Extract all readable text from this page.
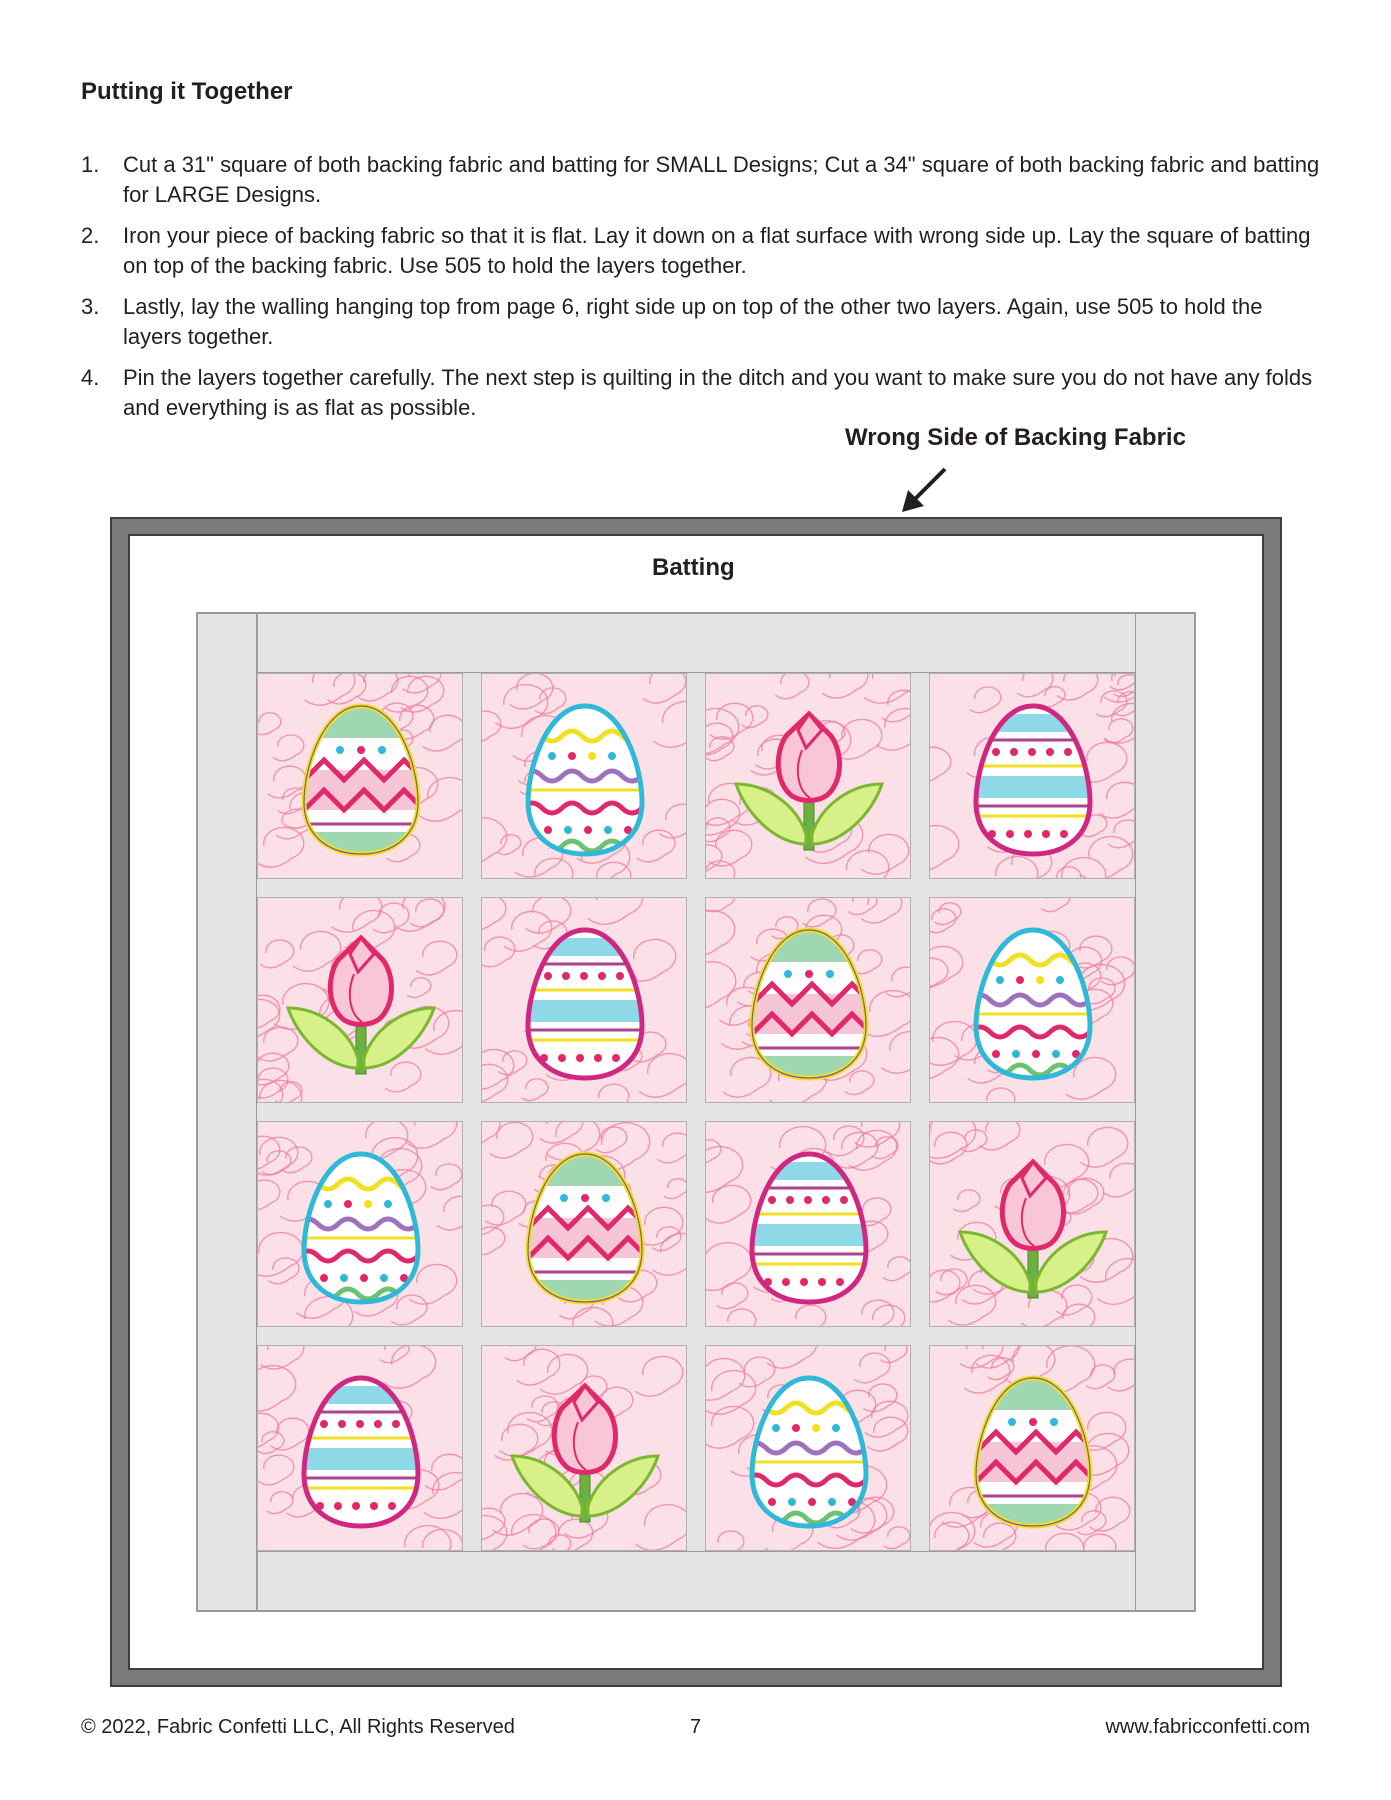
Putting it Together
1. Cut a 31" square of both backing fabric and batting for SMALL Designs; Cut a 34" square of both backing fabric and batting for LARGE Designs.
2. Iron your piece of backing fabric so that it is flat. Lay it down on a flat surface with wrong side up. Lay the square of batting on top of the backing fabric. Use 505 to hold the layers together.
3. Lastly, lay the walling hanging top from page 6, right side up on top of the other two layers. Again, use 505 to hold the layers together.
4. Pin the layers together carefully. The next step is quilting in the ditch and you want to make sure you do not have any folds and everything is as flat as possible.
Wrong Side of Backing Fabric
Batting
© 2022, Fabric Confetti LLC, All Rights Reserved	7	www.fabricconfetti.com
